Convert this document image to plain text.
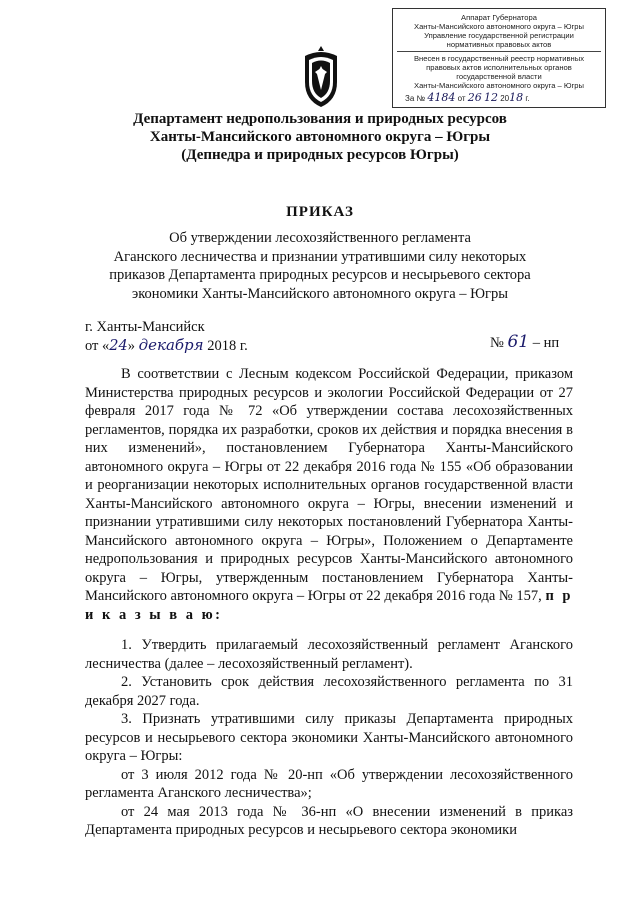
Аппарат Губернатора
Ханты-Мансийского автономного округа – Югры
Управление государственной регистрации
нормативных правовых актов
Внесен в государственный реестр нормативных
правовых актов исполнительных органов
государственной власти
Ханты-Мансийского автономного округа – Югры
За № 4184 от 26 12 2018 г.
Департамент недропользования и природных ресурсов
Ханты-Мансийского автономного округа – Югры
(Депнедра и природных ресурсов Югры)
ПРИКАЗ
Об утверждении лесохозяйственного регламента
Аганского лесничества и признании утратившими силу некоторых
приказов Департамента природных ресурсов и несырьевого сектора
экономики Ханты-Мансийского автономного округа – Югры
г. Ханты-Мансийск
от «24» декабря 2018 г.	№ 61 – нп

В соответствии с Лесным кодексом Российской Федерации, приказом Министерства природных ресурсов и экологии Российской Федерации от 27 февраля 2017 года № 72 «Об утверждении состава лесохозяйственных регламентов, порядка их разработки, сроков их действия и порядка внесения в них изменений», постановлением Губернатора Ханты-Мансийского автономного округа – Югры от 22 декабря 2016 года № 155 «Об образовании и реорганизации некоторых исполнительных органов государственной власти Ханты-Мансийского автономного округа – Югры, внесении изменений и признании утратившими силу некоторых постановлений Губернатора Ханты-Мансийского автономного округа – Югры», Положением о Департаменте недропользования и природных ресурсов Ханты-Мансийского автономного округа – Югры, утвержденным постановлением Губернатора Ханты-Мансийского автономного округа – Югры от 22 декабря 2016 года № 157, п р и к а з ы в а ю:

1. Утвердить прилагаемый лесохозяйственный регламент Аганского лесничества (далее – лесохозяйственный регламент).

2. Установить срок действия лесохозяйственного регламента по 31 декабря 2027 года.

3. Признать утратившими силу приказы Департамента природных ресурсов и несырьевого сектора экономики Ханты-Мансийского автономного округа – Югры:

от 3 июля 2012 года № 20-нп «Об утверждении лесохозяйственного регламента Аганского лесничества»;

от 24 мая 2013 года № 36-нп «О внесении изменений в приказ Департамента природных ресурсов и несырьевого сектора экономики
